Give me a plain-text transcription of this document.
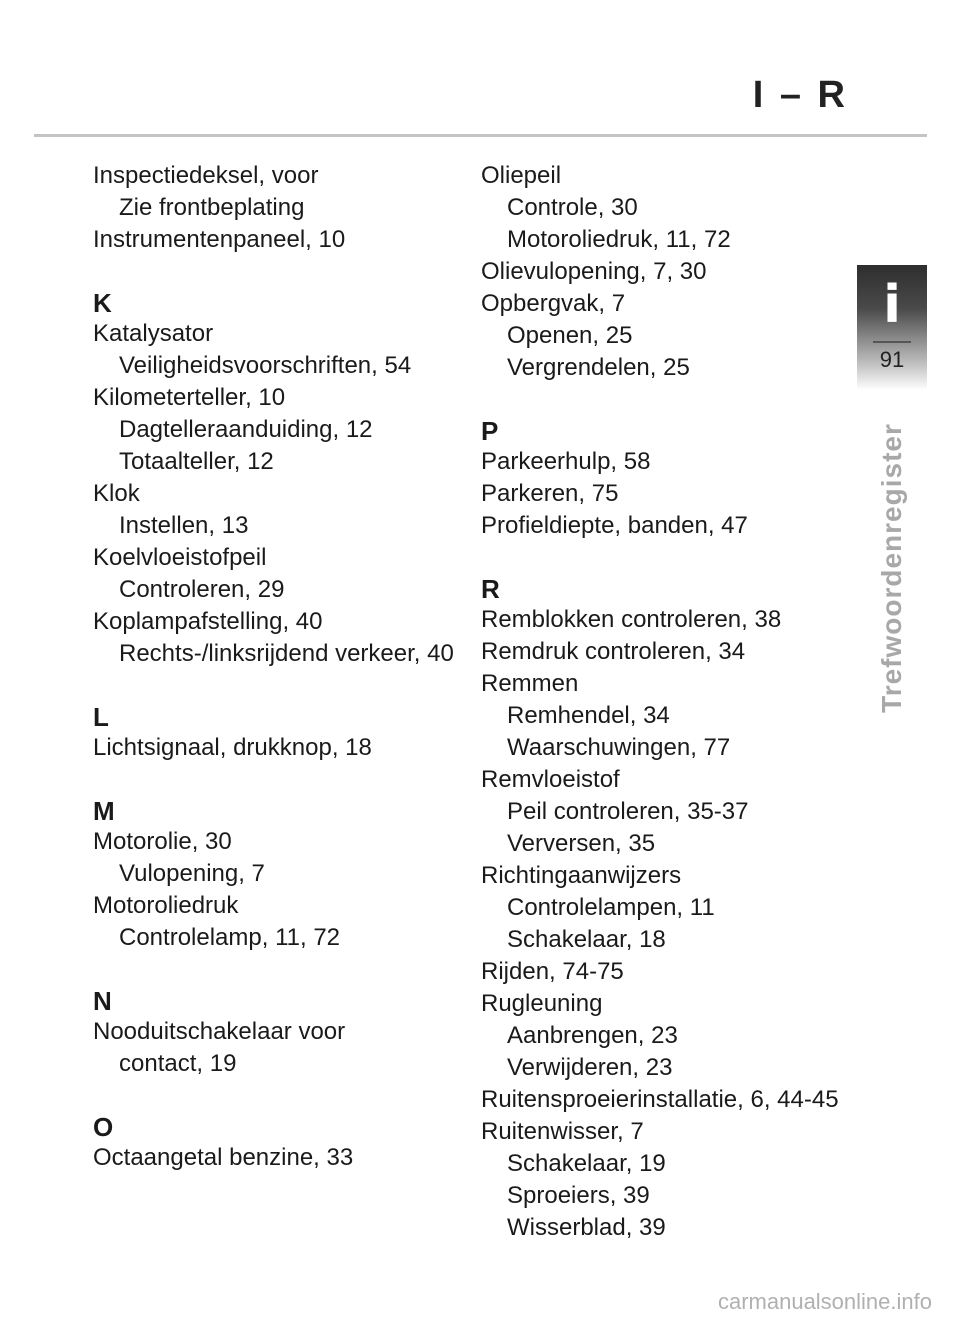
I – R
Inspectiedeksel, voor
Zie frontbeplating
Instrumentenpaneel, 10
K
Katalysator
Veiligheidsvoorschriften, 54
Kilometerteller, 10
Dagtelleraanduiding, 12
Totaalteller, 12
Klok
Instellen, 13
Koelvloeistofpeil
Controleren, 29
Koplampafstelling, 40
Rechts-/linksrijdend verkeer, 40
L
Lichtsignaal, drukknop, 18
M
Motorolie, 30
Vulopening, 7
Motoroliedruk
Controlelamp, 11, 72
N
Nooduitschakelaar voor
contact, 19
O
Octaangetal benzine, 33
Oliepeil
Controle, 30
Motoroliedruk, 11, 72
Olievulopening, 7, 30
Opbergvak, 7
Openen, 25
Vergrendelen, 25
P
Parkeerhulp, 58
Parkeren, 75
Profieldiepte, banden, 47
R
Remblokken controleren, 38
Remdruk controleren, 34
Remmen
Remhendel, 34
Waarschuwingen, 77
Remvloeistof
Peil controleren, 35-37
Verversen, 35
Richtingaanwijzers
Controlelampen, 11
Schakelaar, 18
Rijden, 74-75
Rugleuning
Aanbrengen, 23
Verwijderen, 23
Ruitensproeierinstallatie, 6, 44-45
Ruitenwisser, 7
Schakelaar, 19
Sproeiers, 39
Wisserblad, 39
i
91
Trefwoordenregister
carmanualsonline.info
